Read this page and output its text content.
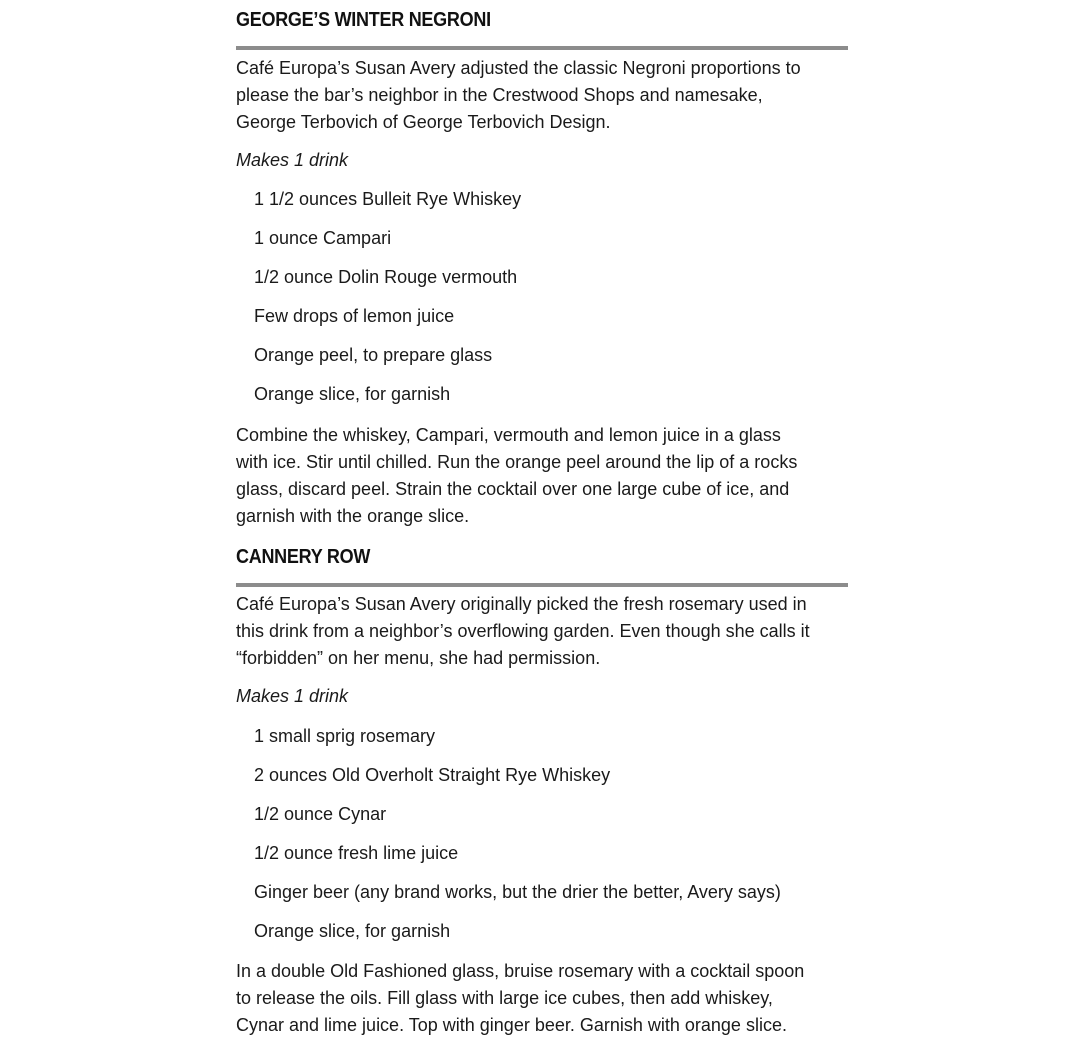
GEORGE’S WINTER NEGRONI

Café Europa’s Susan Avery adjusted the classic Negroni proportions to
please the bar’s neighbor in the Crestwood Shops and namesake,
George Terbovich of George Terbovich Design.

Makes 1 drink

1 1/2 ounces Bulleit Rye Whiskey
1 ounce Campari
1/2 ounce Dolin Rouge vermouth
Few drops of lemon juice
Orange peel, to prepare glass
Orange slice, for garnish

Combine the whiskey, Campari, vermouth and lemon juice in a glass
with ice. Stir until chilled. Run the orange peel around the lip of a rocks
glass, discard peel. Strain the cocktail over one large cube of ice, and
garnish with the orange slice.

CANNERY ROW

Café Europa’s Susan Avery originally picked the fresh rosemary used in
this drink from a neighbor’s overflowing garden. Even though she calls it
“forbidden” on her menu, she had permission.

Makes 1 drink

1 small sprig rosemary
2 ounces Old Overholt Straight Rye Whiskey
1/2 ounce Cynar
1/2 ounce fresh lime juice
Ginger beer (any brand works, but the drier the better, Avery says)
Orange slice, for garnish

In a double Old Fashioned glass, bruise rosemary with a cocktail spoon
to release the oils. Fill glass with large ice cubes, then add whiskey,
Cynar and lime juice. Top with ginger beer. Garnish with orange slice.
